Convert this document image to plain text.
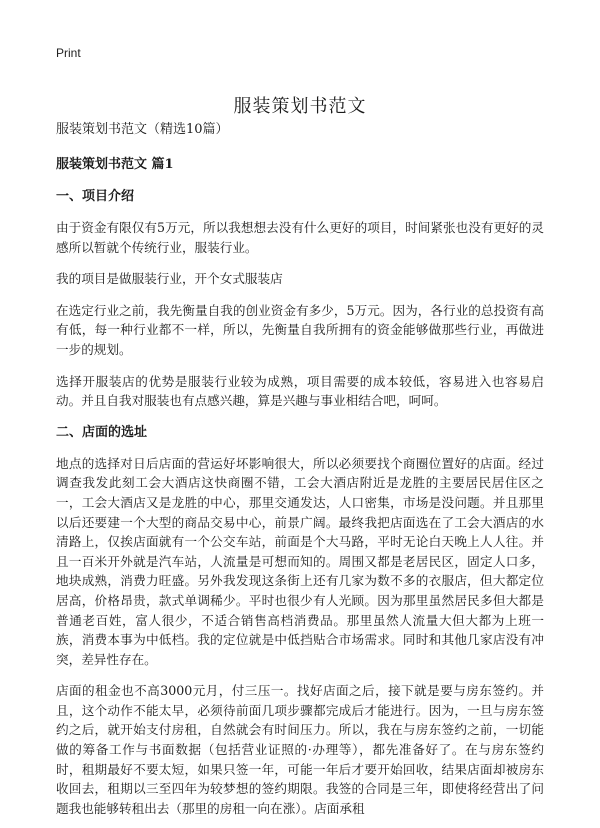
Print
服装策划书范文

服装策划书范文（精选10篇）

服装策划书范文 篇1

一、项目介绍

由于资金有限仅有5万元，所以我想想去没有什么更好的项目，时间紧张也没有更好的灵感所以暂就个传统行业，服装行业。

我的项目是做服装行业，开个女式服装店

在选定行业之前，我先衡量自我的创业资金有多少，5万元。因为，各行业的总投资有高有低，每一种行业都不一样，所以，先衡量自我所拥有的资金能够做那些行业，再做进一步的规划。

选择开服装店的优势是服装行业较为成熟，项目需要的成本较低，容易进入也容易启动。并且自我对服装也有点感兴趣，算是兴趣与事业相结合吧，呵呵。

二、店面的选址

地点的选择对日后店面的营运好坏影响很大，所以必须要找个商圈位置好的店面。经过调查我发此刻工会大酒店这快商圈不错，工会大酒店附近是龙胜的主要居民居住区之一，工会大酒店又是龙胜的中心，那里交通发达，人口密集，市场是没问题。并且那里以后还要建一个大型的商品交易中心，前景广阔。最终我把店面选在了工会大酒店的水清路上，仅挨店面就有一个公交车站，前面是个大马路，平时无论白天晚上人人往。并且一百米开外就是汽车站，人流量是可想而知的。周围又都是老居民区，固定人口多，地块成熟，消费力旺盛。另外我发现这条街上还有几家为数不多的衣服店，但大都定位居高，价格昂贵，款式单调稀少。平时也很少有人光顾。因为那里虽然居民多但大都是普通老百姓，富人很少，不适合销售高档消费品。那里虽然人流量大但大都为上班一族，消费本事为中低档。我的定位就是中低挡贴合市场需求。同时和其他几家店没有冲突，差异性存在。

店面的租金也不高3000元月，付三压一。找好店面之后，接下就是要与房东签约。并且，这个动作不能太早，必须待前面几项步骤都完成后才能进行。因为，一旦与房东签约之后，就开始支付房租，自然就会有时间压力。所以，我在与房东签约之前，一切能做的筹备工作与书面数据（包括营业证照的·办理等），都先准备好了。在与房东签约时，租期最好不要太短，如果只签一年，可能一年后才要开始回收，结果店面却被房东收回去，租期以三至四年为较梦想的签约期限。我签的合同是三年，即使将经营出了问题我也能够转租出去（那里的房租一向在涨）。店面承租
